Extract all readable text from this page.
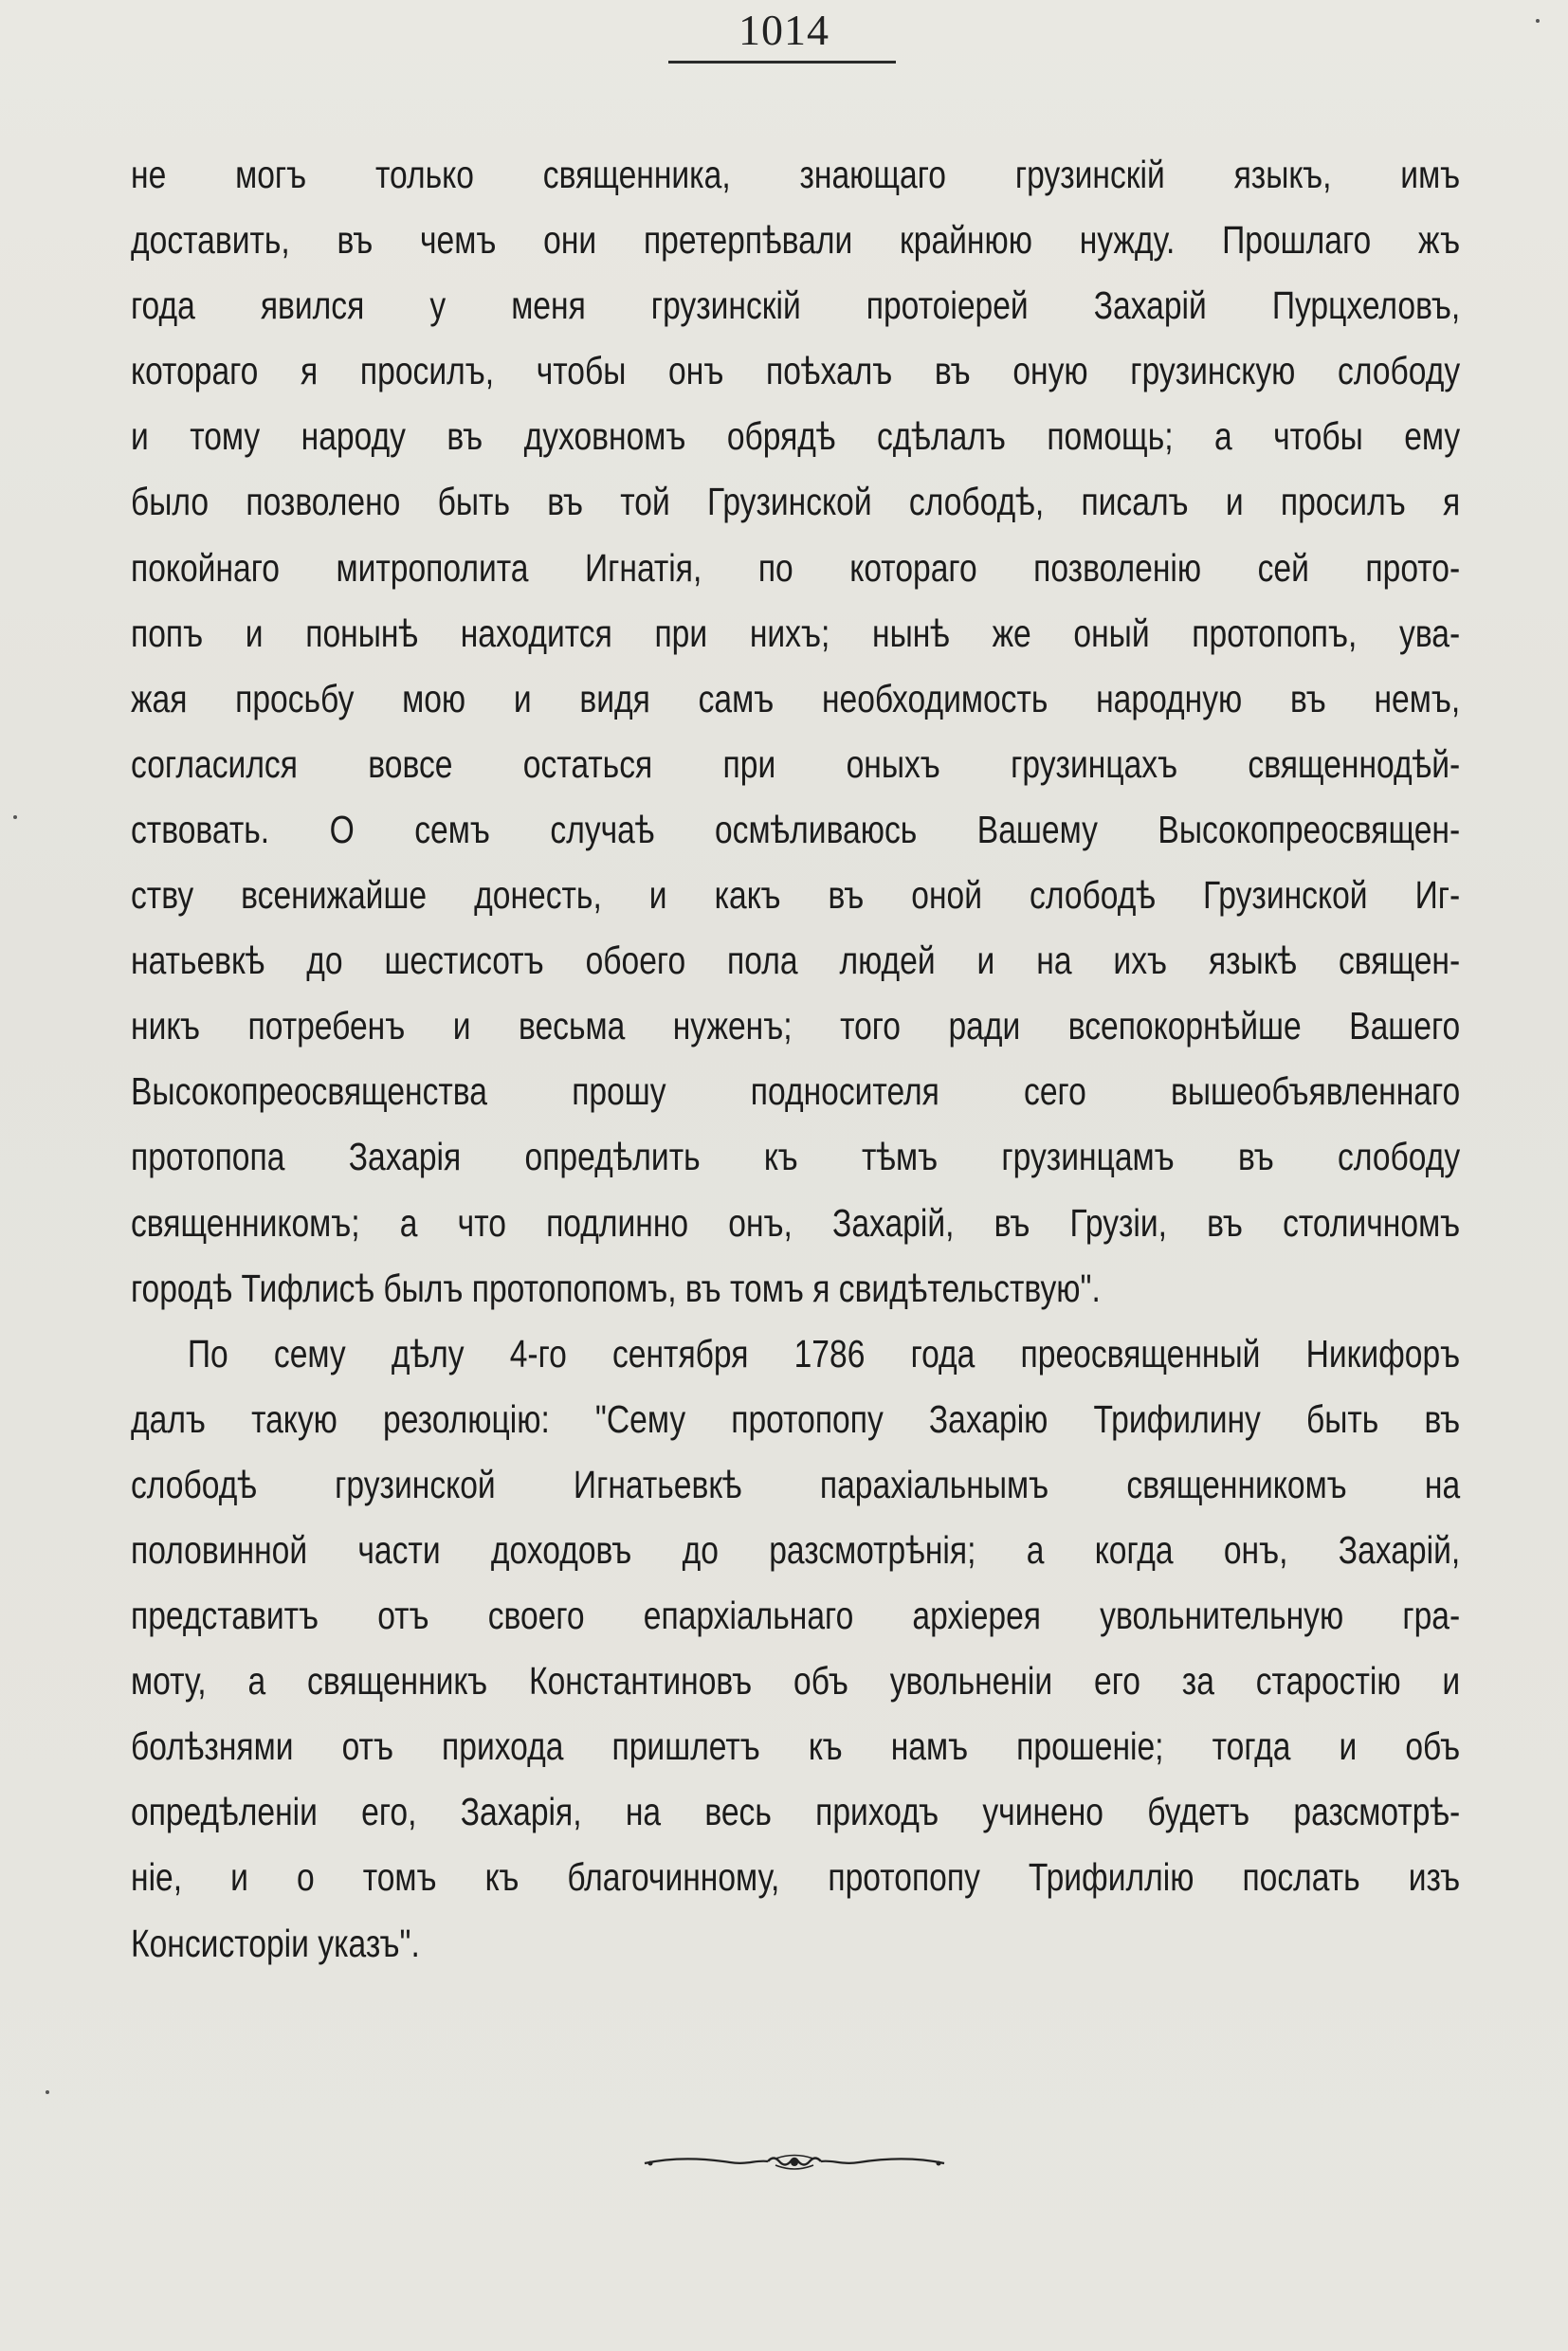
1014
не могъ только священника, знающаго грузинскій языкъ, имъ
доставить, въ чемъ они претерпѣвали крайнюю нужду. Прошлаго жъ
года явился у меня грузинскій протоіерей Захарій Пурцхеловъ,
котораго я просилъ, чтобы онъ поѣхалъ въ оную грузинскую слободу
и тому народу въ духовномъ обрядѣ сдѣлалъ помощь; а чтобы ему
было позволено быть въ той Грузинской слободѣ, писалъ и просилъ я
покойнаго митрополита Игнатія, по котораго позволенію сей прото-
попъ и понынѣ находится при нихъ; нынѣ же оный протопопъ, ува-
жая просьбу мою и видя самъ необходимость народную въ немъ,
согласился вовсе остаться при оныхъ грузинцахъ священнодѣй-
ствовать. О семъ случаѣ осмѣливаюсь Вашему Высокопреосвящен-
ству всенижайше донесть, и какъ въ оной слободѣ Грузинской Иг-
натьевкѣ до шестисотъ обоего пола людей и на ихъ языкѣ священ-
никъ потребенъ и весьма нуженъ; того ради всепокорнѣйше Вашего
Высокопреосвященства прошу подносителя сего вышеобъявленнаго
протопопа Захарія опредѣлить къ тѣмъ грузинцамъ въ слободу
священникомъ; а что подлинно онъ, Захарій, въ Грузіи, въ столичномъ
городѣ Тифлисѣ былъ протопопомъ, въ томъ я свидѣтельствую".
По сему дѣлу 4-го сентября 1786 года преосвященный Никифоръ
далъ такую резолюцію: "Сему протопопу Захарію Трифилину быть въ
слободѣ грузинской Игнатьевкѣ парахіальнымъ священникомъ на
половинной части доходовъ до разсмотрѣнія; а когда онъ, Захарій,
представитъ отъ своего епархіальнаго архіерея увольнительную гра-
моту, а священникъ Константиновъ объ увольненіи его за старостію и
болѣзнями отъ прихода пришлетъ къ намъ прошеніе; тогда и объ
опредѣленіи его, Захарія, на весь приходъ учинено будетъ разсмотрѣ-
ніе, и о томъ къ благочинному, протопопу Трифиллію послать изъ
Консисторіи указъ".
